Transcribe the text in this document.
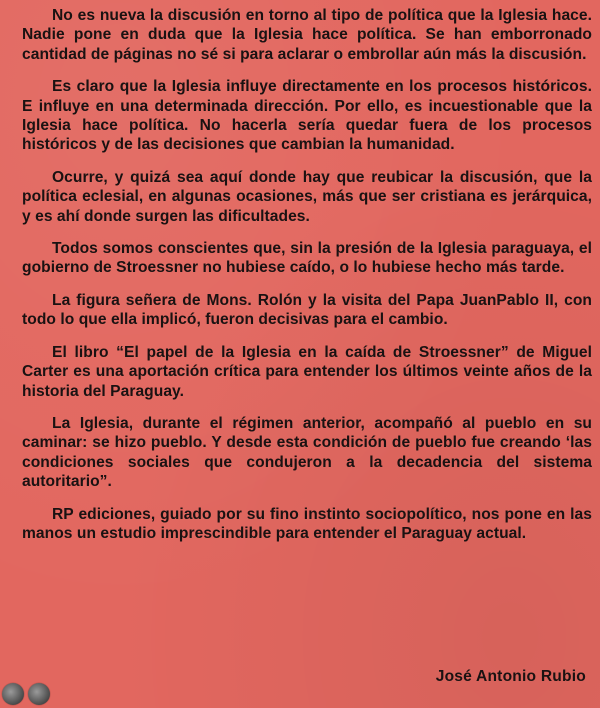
No es nueva la discusión en torno al tipo de política que la Iglesia hace. Nadie pone en duda que la Iglesia hace política. Se han emborronado cantidad de páginas no sé si para aclarar o embrollar aún más la discusión.

Es claro que la Iglesia influye directamente en los procesos históricos. E influye en una determinada dirección. Por ello, es incuestionable que la Iglesia hace política. No hacerla sería quedar fuera de los procesos históricos y de las decisiones que cambian la humanidad.

Ocurre, y quizá sea aquí donde hay que reubicar la discusión, que la política eclesial, en algunas ocasiones, más que ser cristiana es jerárquica, y es ahí donde surgen las dificultades.

Todos somos conscientes que, sin la presión de la Iglesia paraguaya, el gobierno de Stroessner no hubiese caído, o lo hubiese hecho más tarde.

La figura señera de Mons. Rolón y la visita del Papa JuanPablo II, con todo lo que ella implicó, fueron decisivas para el cambio.

El libro “El papel de la Iglesia en la caída de Stroessner” de Miguel Carter es una aportación crítica para entender los últimos veinte años de la historia del Paraguay.

La Iglesia, durante el régimen anterior, acompañó al pueblo en su caminar: se hizo pueblo. Y desde esta condición de pueblo fue creando ‘las condiciones sociales que condujeron a la decadencia del sistema autoritario”.

RP ediciones, guiado por su fino instinto sociopolítico, nos pone en las manos un estudio imprescindible para entender el Paraguay actual.

José Antonio Rubio
